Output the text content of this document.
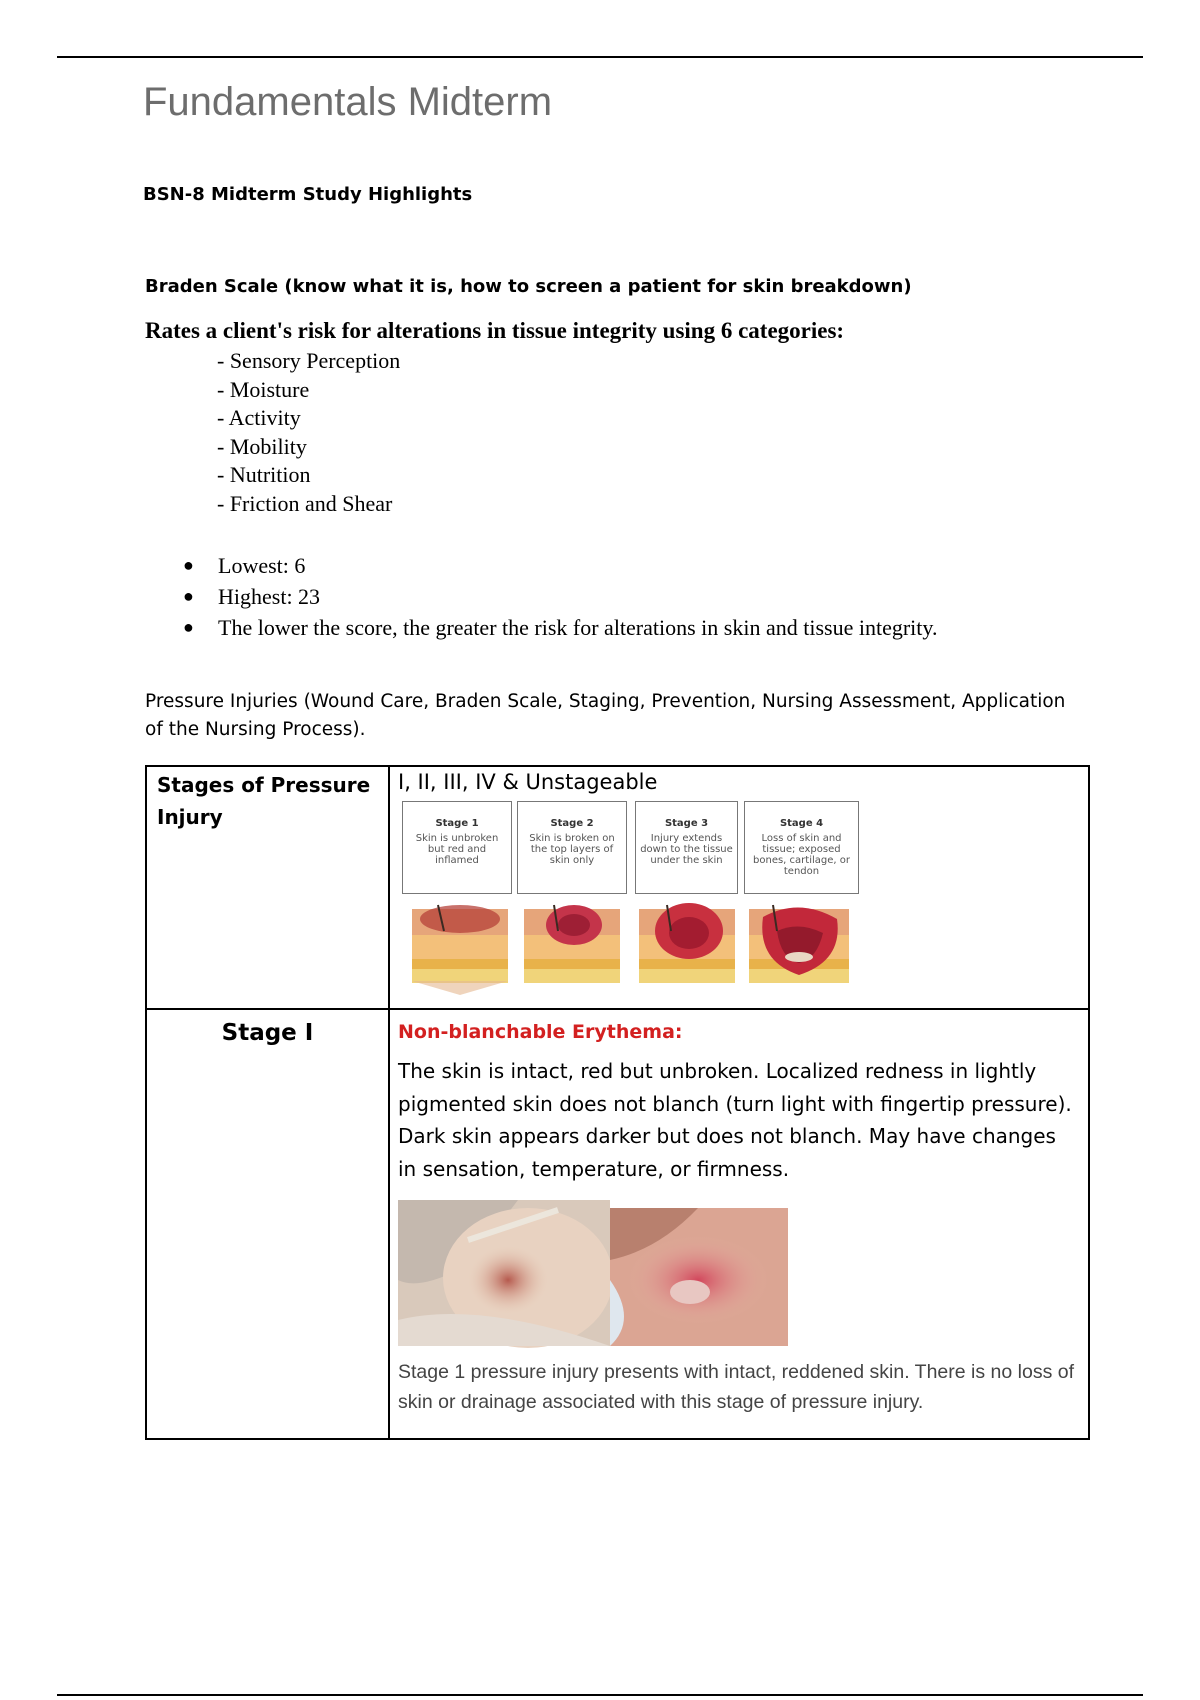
Fundamentals Midterm

BSN-8 Midterm Study Highlights

Braden Scale (know what it is, how to screen a patient for skin breakdown)

Rates a client's risk for alterations in tissue integrity using 6 categories:

- Sensory Perception
- Moisture
- Activity
- Mobility
- Nutrition
- Friction and Shear
● Lowest: 6
● Highest: 23
● The lower the score, the greater the risk for alterations in skin and tissue integrity.

Pressure Injuries (Wound Care, Braden Scale, Staging, Prevention, Nursing Assessment, Application of the Nursing Process).

Stages of Pressure Injury
I, II, III, IV & Unstageable
Stage 1
Skin is unbroken but red and inflamed
Stage 2
Skin is broken on the top layers of skin only
Stage 3
Injury extends down to the tissue under the skin
Stage 4
Loss of skin and tissue; exposed bones, cartilage, or tendon
Stage I	Non-blanchable Erythema:

The skin is intact, red but unbroken. Localized redness in lightly pigmented skin does not blanch (turn light with fingertip pressure). Dark skin appears darker but does not blanch. May have changes in sensation, temperature, or firmness.

Stage 1 pressure injury presents with intact, reddened skin. There is no loss of skin or drainage associated with this stage of pressure injury.
